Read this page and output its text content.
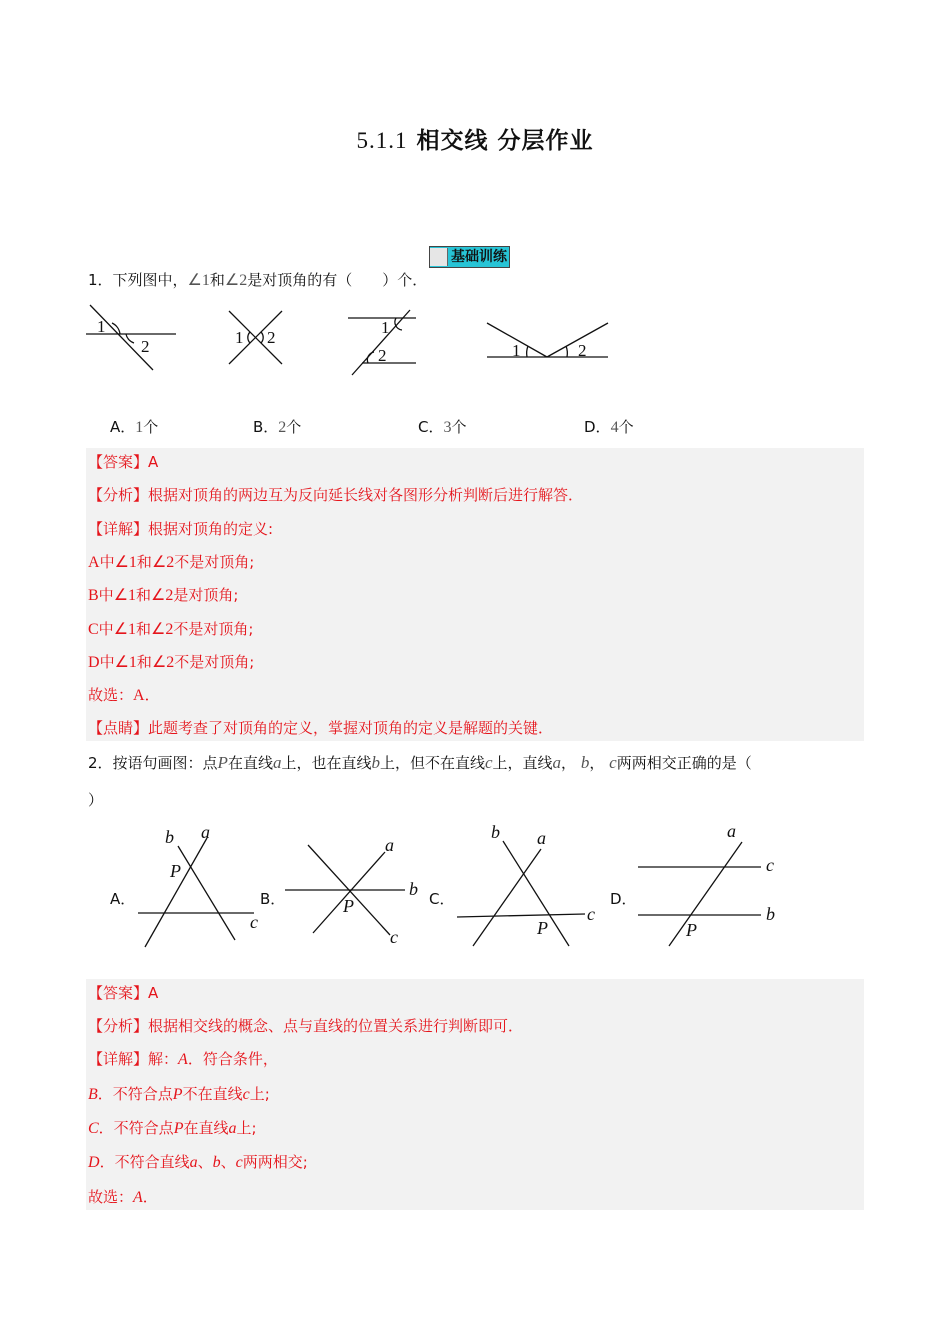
5.1.1 相交线 分层作业
基础训练
1．下列图中，∠1和∠2是对顶角的有（　　）个．
1
2	1 2
1
2	1	2
A．1个	B．2个	C．3个	D．4个
【答案】A
【分析】根据对顶角的两边互为反向延长线对各图形分析判断后进行解答．
【详解】根据对顶角的定义:
A中∠1和∠2不是对顶角;
B中∠1和∠2是对顶角;
C中∠1和∠2不是对顶角;
D中∠1和∠2不是对顶角;
故选：A．
【点睛】此题考查了对顶角的定义，掌握对顶角的定义是解题的关键．
2．按语句画图：点P在直线a上，也在直线b上，但不在直线c上，直线a， b， c两两相交正确的是（
）
A．	B．	C．	D．
b a
P
c
a
b
P
c
b a
P
c
a
c
b
P
【答案】A
【分析】根据相交线的概念、点与直线的位置关系进行判断即可．
【详解】解：A．符合条件，
B．不符合点P不在直线c上;
C．不符合点P在直线a上;
D．不符合直线a、b、c两两相交;
故选：A．
